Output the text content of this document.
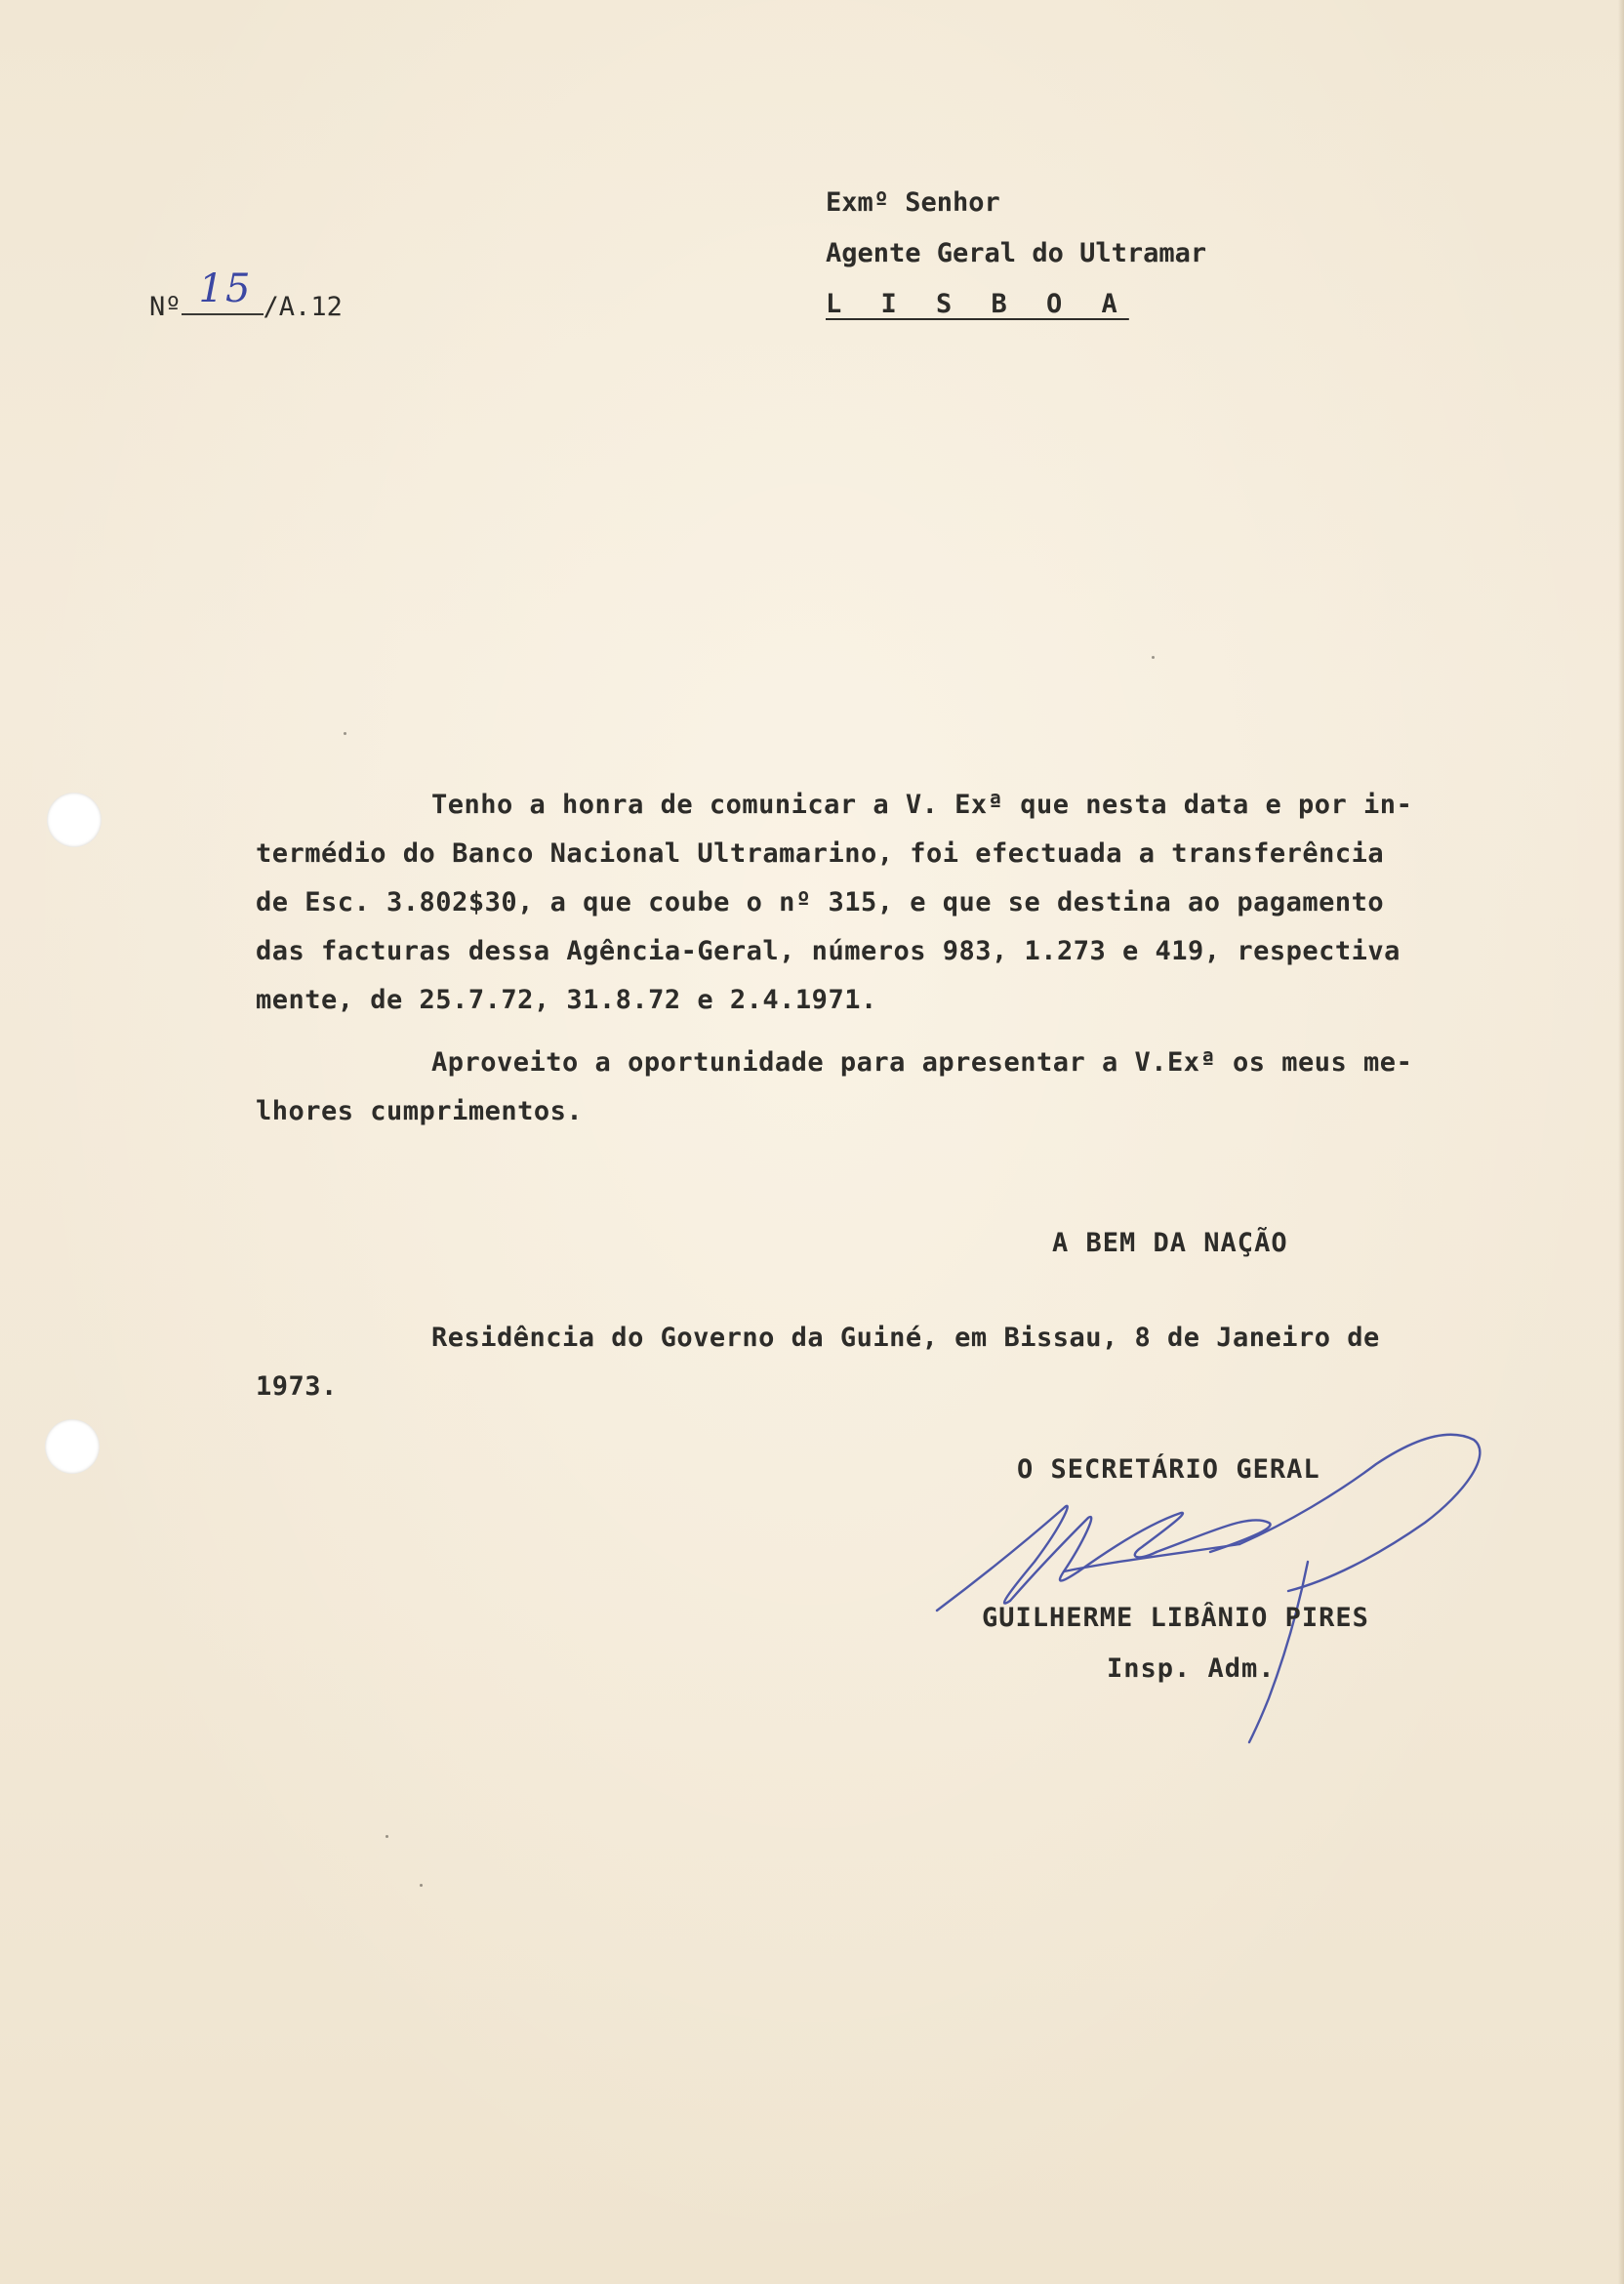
Nº 15 /A.12

Exmº Senhor
Agente Geral do Ultramar
L I S B O A
Tenho a honra de comunicar a V. Exª que nesta data e por in-
termédio do Banco Nacional Ultramarino, foi efectuada a transferência
de Esc. 3.802$30, a que coube o nº 315, e que se destina ao pagamento
das facturas dessa Agência-Geral, números 983, 1.273 e 419, respectiva
mente, de 25.7.72, 31.8.72 e 2.4.1971.
Aproveito a oportunidade para apresentar a V.Exª os meus me-
lhores cumprimentos.
A BEM DA NAÇÃO
Residência do Governo da Guiné, em Bissau, 8 de Janeiro de
1973.
O SECRETÁRIO GERAL
GUILHERME LIBÂNIO PIRES
Insp. Adm.
